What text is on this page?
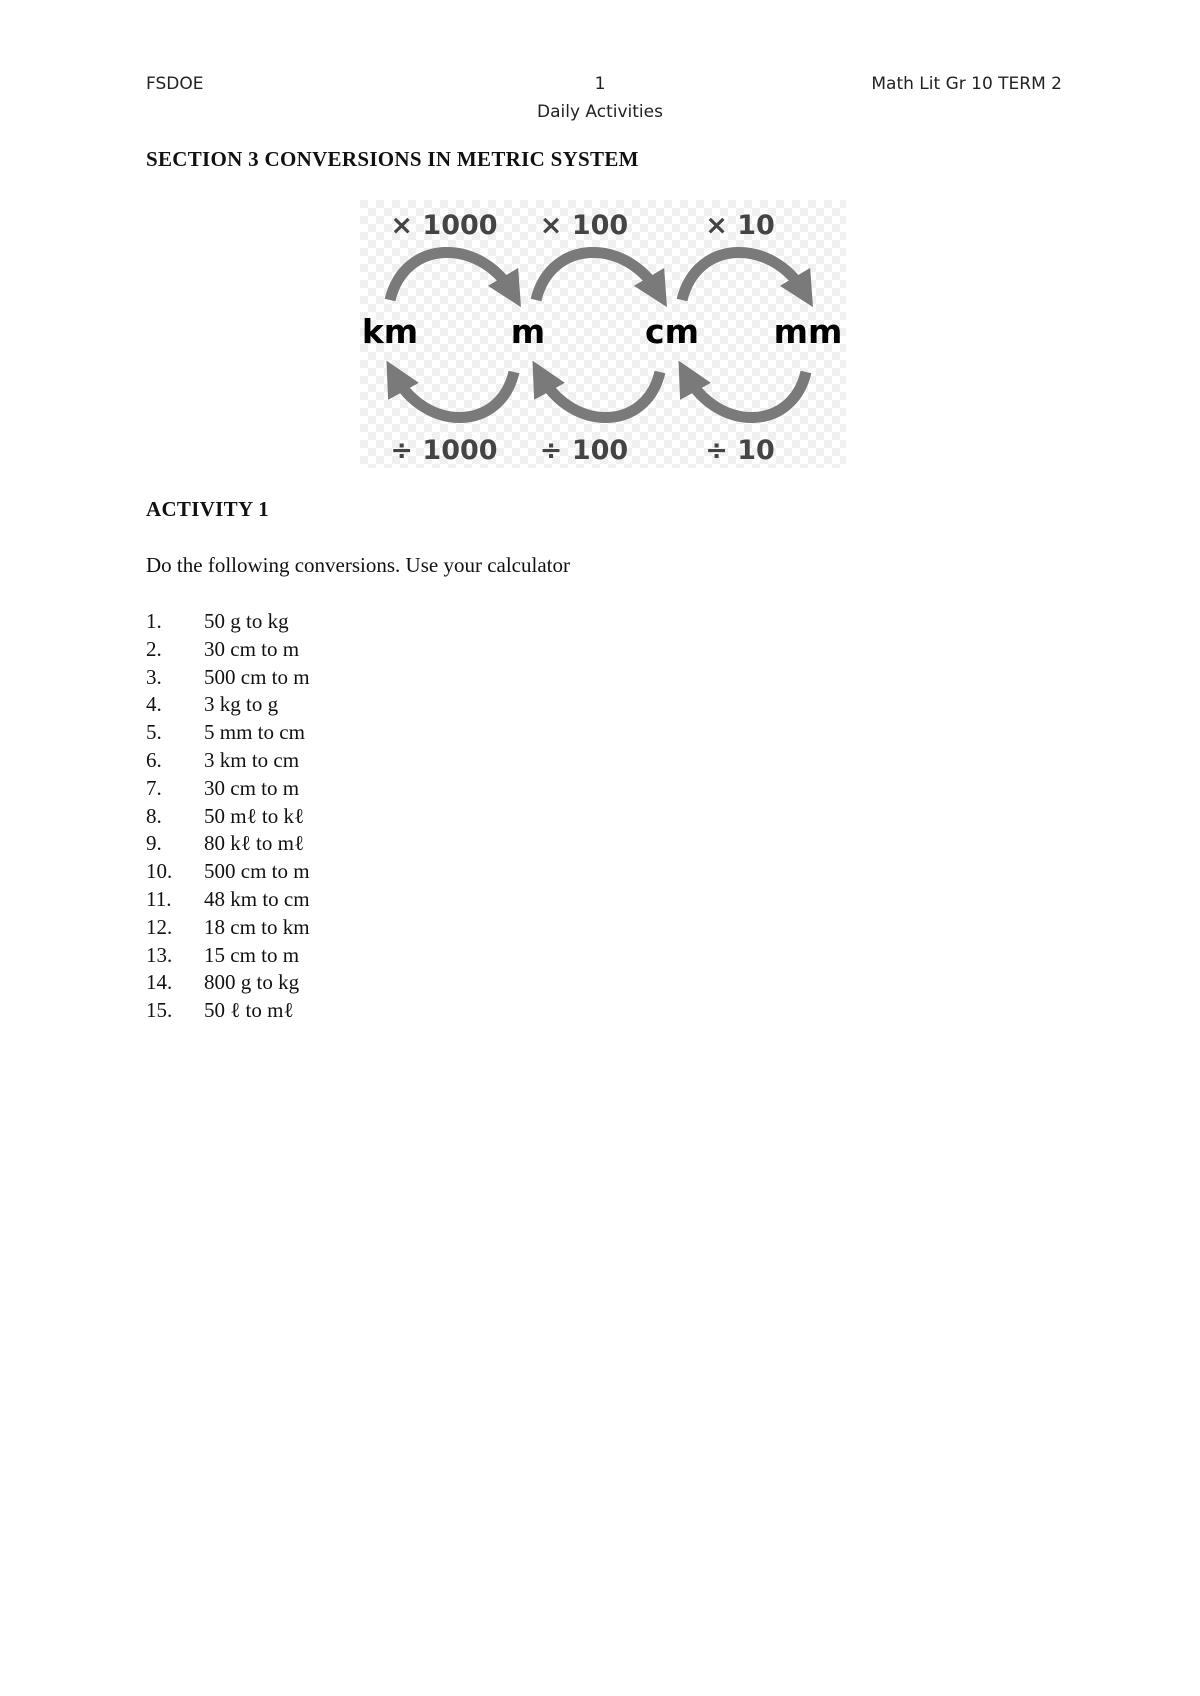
FSDOE	1	Math Lit Gr 10 TERM 2
Daily Activities
SECTION 3 CONVERSIONS IN METRIC SYSTEM
× 1000 × 100	× 10
km	m	cm mm
÷ 1000 ÷ 100	÷ 10
ACTIVITY 1
Do the following conversions. Use your calculator
1. 50 g to kg
2. 30 cm to m
3. 500 cm to m
4. 3 kg to g
5. 5 mm to cm
6. 3 km to cm
7. 30 cm to m
8. 50 mℓ to kℓ
9. 80 kℓ to mℓ
10. 500 cm to m
11. 48 km to cm
12. 18 cm to km
13. 15 cm to m
14. 800 g to kg
15. 50 ℓ to mℓ
